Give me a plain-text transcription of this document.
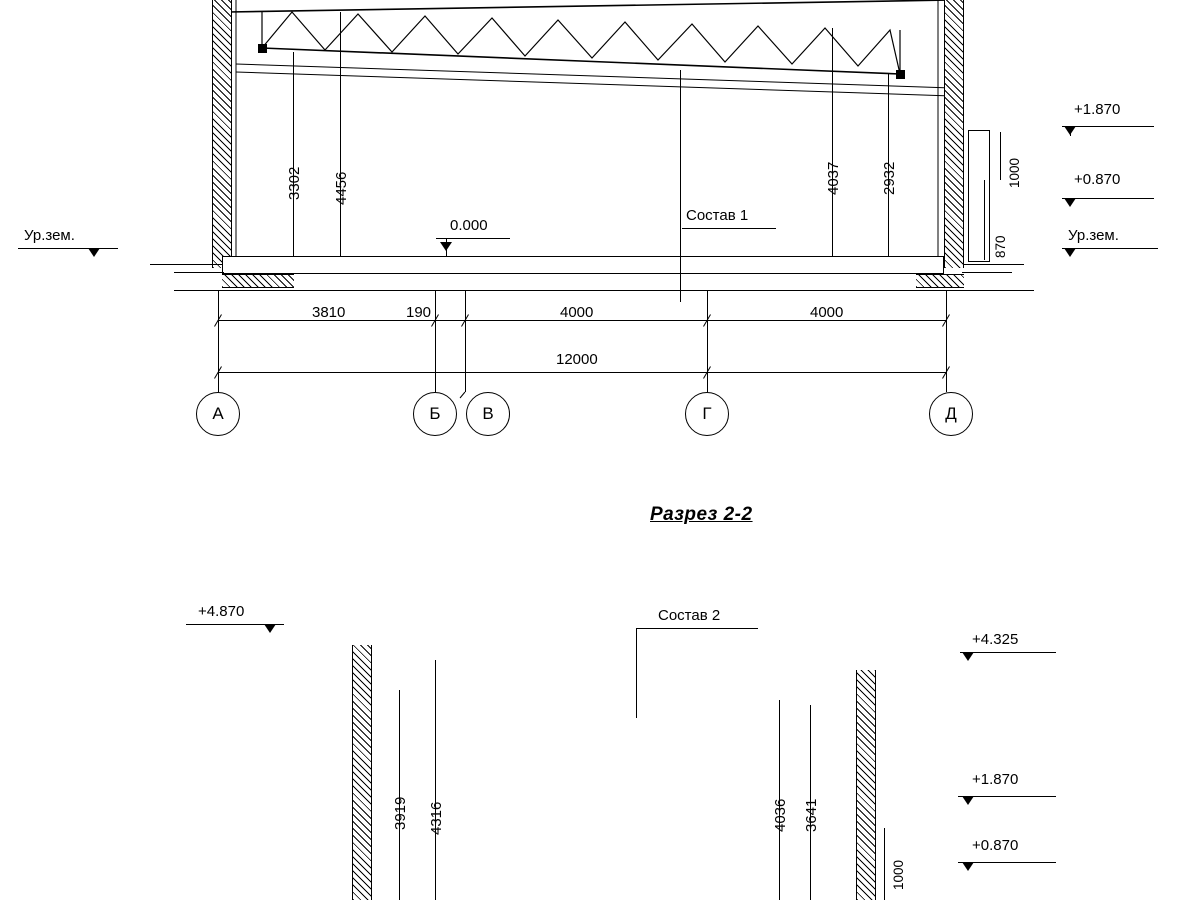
3302 4456	4037	2932
870
1000
+1.870
+0.870
Ур.зем.	Ур.зем.
0.000
Состав 1
3810	190	4000	4000
12000
А	Б	В	Г	Д
Разрез 2-2
+4.870
+4.325
Состав 2
3919 4316	4036 3641
1000
+1.870
+0.870
